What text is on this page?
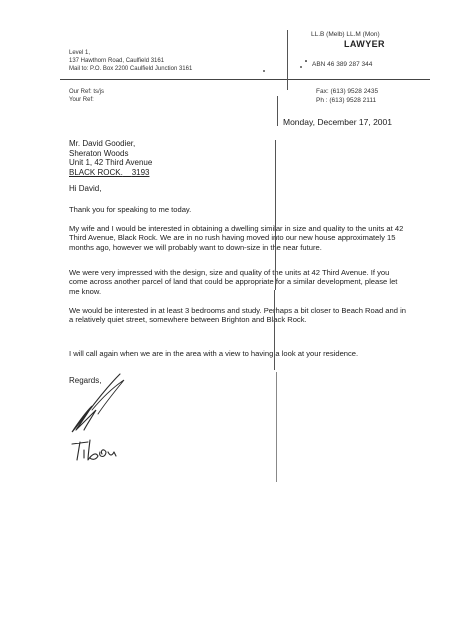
LL.B (Melb) LL.M (Mon)
LAWYER
Level 1,
137 Hawthorn Road, Caulfield 3161
Mail to: P.O. Box 2200 Caulfield Junction 3161
ABN 46 389 287 344
Our Ref: ts/js
Your Ref:
Fax: (613) 9528 2435
Ph : (613) 9528 2111
Monday, December 17, 2001
Mr. David Goodier,
Sheraton Woods
Unit 1, 42 Third Avenue
BLACK ROCK. 3193
Hi David,
Thank you for speaking to me today.
My wife and I would be interested in obtaining a dwelling similar in size and quality to the units at 42 Third Avenue, Black Rock. We are in no rush having moved into our new house approximately 15 months ago, however we will probably want to down-size in the near future.
We were very impressed with the design, size and quality of the units at 42 Third Avenue. If you come across another parcel of land that could be appropriate for a similar development, please let me know.
We would be interested in at least 3 bedrooms and study. Perhaps a bit closer to Beach Road and in a relatively quiet street, somewhere between Brighton and Black Rock.
I will call again when we are in the area with a view to having a look at your residence.
Regards,
